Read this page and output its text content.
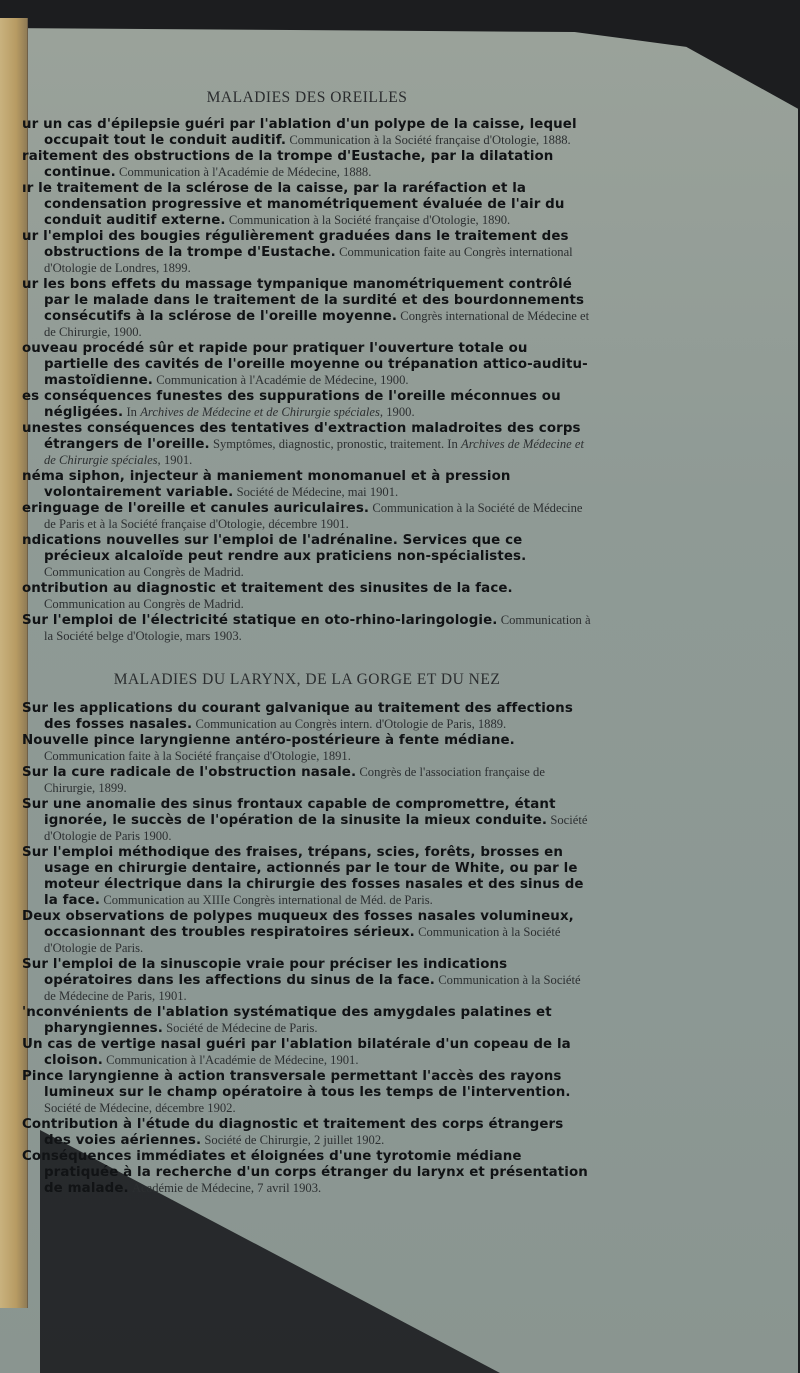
MALADIES DES OREILLES

ur un cas d'épilepsie guéri par l'ablation d'un polype de la caisse, lequel occupait tout le conduit auditif. Communication à la Société française d'Otologie, 1888.

raitement des obstructions de la trompe d'Eustache, par la dilatation continue. Communication à l'Académie de Médecine, 1888.

ır le traitement de la sclérose de la caisse, par la raréfaction et la condensation progressive et manométriquement évaluée de l'air du conduit auditif externe. Communication à la Société française d'Otologie, 1890.

ur l'emploi des bougies régulièrement graduées dans le traitement des obstructions de la trompe d'Eustache. Communication faite au Congrès international d'Otologie de Londres, 1899.

ur les bons effets du massage tympanique manométriquement contrôlé par le malade dans le traitement de la surdité et des bourdonnements consécutifs à la sclérose de l'oreille moyenne. Congrès international de Médecine et de Chirurgie, 1900.

ouveau procédé sûr et rapide pour pratiquer l'ouverture totale ou partielle des cavités de l'oreille moyenne ou trépanation attico-auditu-mastoïdienne. Communication à l'Académie de Médecine, 1900.

es conséquences funestes des suppurations de l'oreille méconnues ou négligées. In Archives de Médecine et de Chirurgie spéciales, 1900.

unestes conséquences des tentatives d'extraction maladroites des corps étrangers de l'oreille. Symptômes, diagnostic, pronostic, traitement. In Archives de Médecine et de Chirurgie spéciales, 1901.

néma siphon, injecteur à maniement monomanuel et à pression volontairement variable. Société de Médecine, mai 1901.

eringuage de l'oreille et canules auriculaires. Communication à la Société de Médecine de Paris et à la Société française d'Otologie, décembre 1901.

ndications nouvelles sur l'emploi de l'adrénaline. Services que ce précieux alcaloïde peut rendre aux praticiens non-spécialistes. Communication au Congrès de Madrid.

ontribution au diagnostic et traitement des sinusites de la face. Communication au Congrès de Madrid.

Sur l'emploi de l'électricité statique en oto-rhino-laringologie. Communication à la Société belge d'Otologie, mars 1903.

MALADIES DU LARYNX, DE LA GORGE ET DU NEZ

Sur les applications du courant galvanique au traitement des affections des fosses nasales. Communication au Congrès intern. d'Otologie de Paris, 1889.

Nouvelle pince laryngienne antéro-postérieure à fente médiane. Communication faite à la Société française d'Otologie, 1891.

Sur la cure radicale de l'obstruction nasale. Congrès de l'association française de Chirurgie, 1899.

Sur une anomalie des sinus frontaux capable de compromettre, étant ignorée, le succès de l'opération de la sinusite la mieux conduite. Société d'Otologie de Paris 1900.

Sur l'emploi méthodique des fraises, trépans, scies, forêts, brosses en usage en chirurgie dentaire, actionnés par le tour de White, ou par le moteur électrique dans la chirurgie des fosses nasales et des sinus de la face. Communication au XIIIe Congrès international de Méd. de Paris.

Deux observations de polypes muqueux des fosses nasales volumineux, occasionnant des troubles respiratoires sérieux. Communication à la Société d'Otologie de Paris.

Sur l'emploi de la sinuscopie vraie pour préciser les indications opératoires dans les affections du sinus de la face. Communication à la Société de Médecine de Paris, 1901.

'nconvénients de l'ablation systématique des amygdales palatines et pharyngiennes. Société de Médecine de Paris.

Un cas de vertige nasal guéri par l'ablation bilatérale d'un copeau de la cloison. Communication à l'Académie de Médecine, 1901.

Pince laryngienne à action transversale permettant l'accès des rayons lumineux sur le champ opératoire à tous les temps de l'intervention. Société de Médecine, décembre 1902.

Contribution à l'étude du diagnostic et traitement des corps étrangers des voies aériennes. Société de Chirurgie, 2 juillet 1902.

Conséquences immédiates et éloignées d'une tyrotomie médiane pratiquée à la recherche d'un corps étranger du larynx et présentation de malade. Académie de Médecine, 7 avril 1903.
